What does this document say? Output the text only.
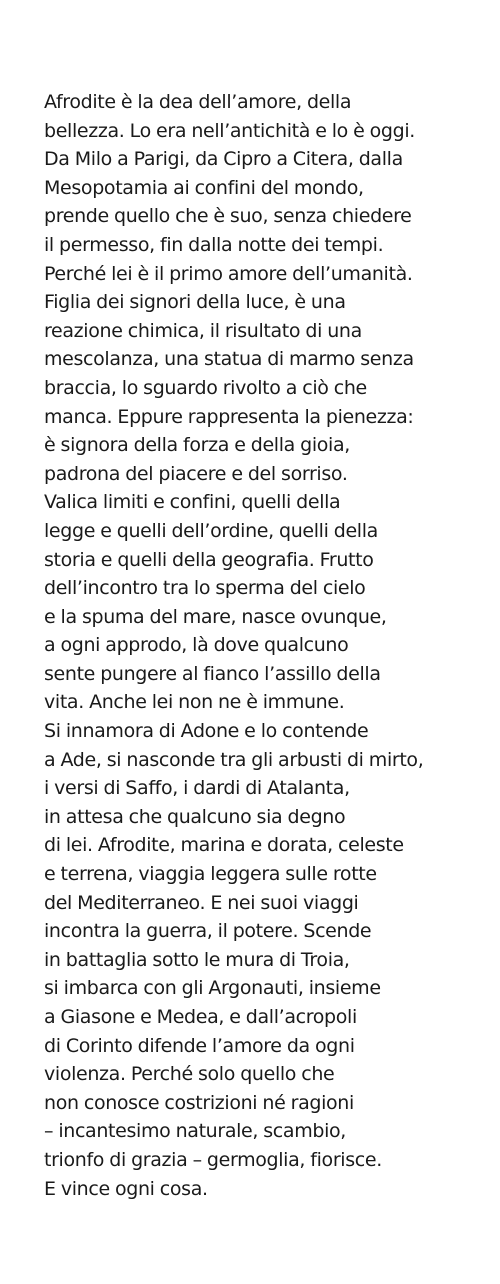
Afrodite è la dea dell’amore, della
bellezza. Lo era nell’antichità e lo è oggi.
Da Milo a Parigi, da Cipro a Citera, dalla
Mesopotamia ai confini del mondo,
prende quello che è suo, senza chiedere
il permesso, fin dalla notte dei tempi.
Perché lei è il primo amore dell’umanità.
Figlia dei signori della luce, è una
reazione chimica, il risultato di una
mescolanza, una statua di marmo senza
braccia, lo sguardo rivolto a ciò che
manca. Eppure rappresenta la pienezza:
è signora della forza e della gioia,
padrona del piacere e del sorriso.
Valica limiti e confini, quelli della
legge e quelli dell’ordine, quelli della
storia e quelli della geografia. Frutto
dell’incontro tra lo sperma del cielo
e la spuma del mare, nasce ovunque,
a ogni approdo, là dove qualcuno
sente pungere al fianco l’assillo della
vita. Anche lei non ne è immune.
Si innamora di Adone e lo contende
a Ade, si nasconde tra gli arbusti di mirto,
i versi di Saffo, i dardi di Atalanta,
in attesa che qualcuno sia degno
di lei. Afrodite, marina e dorata, celeste
e terrena, viaggia leggera sulle rotte
del Mediterraneo. E nei suoi viaggi
incontra la guerra, il potere. Scende
in battaglia sotto le mura di Troia,
si imbarca con gli Argonauti, insieme
a Giasone e Medea, e dall’acropoli
di Corinto difende l’amore da ogni
violenza. Perché solo quello che
non conosce costrizioni né ragioni
– incantesimo naturale, scambio,
trionfo di grazia – germoglia, fiorisce.
E vince ogni cosa.
